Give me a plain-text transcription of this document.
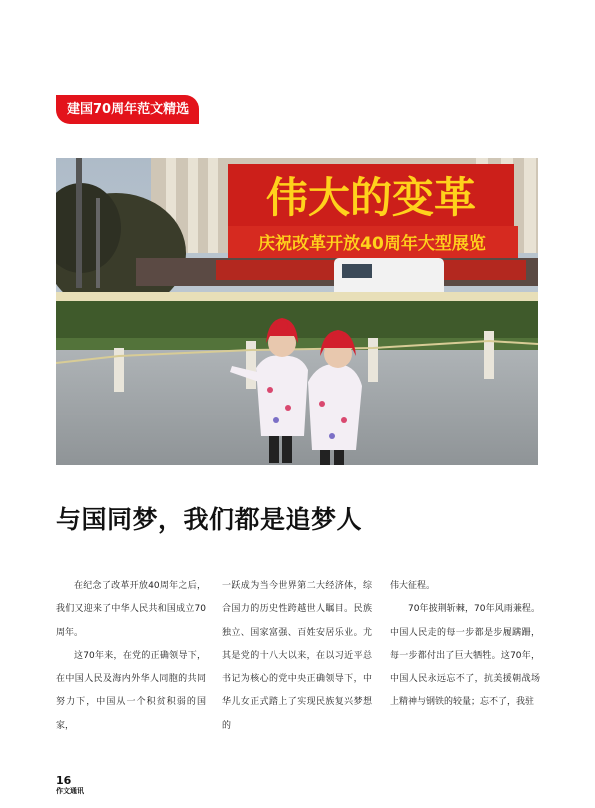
建国70周年范文精选
伟大的变革
庆祝改革开放40周年大型展览
与国同梦，我们都是追梦人

在纪念了改革开放40周年之后，我们又迎来了中华人民共和国成立70周年。

这70年来，在党的正确领导下，在中国人民及海内外华人同胞的共同努力下，中国从一个积贫积弱的国家，

一跃成为当今世界第二大经济体，综合国力的历史性跨越世人瞩目。民族独立、国家富强、百姓安居乐业。尤其是党的十八大以来，在以习近平总书记为核心的党中央正确领导下，中华儿女正式踏上了实现民族复兴梦想的

伟大征程。

70年披荆斩棘，70年风雨兼程。中国人民走的每一步都是步履蹒跚，每一步都付出了巨大牺牲。这70年，中国人民永远忘不了，抗美援朝战场上精神与钢铁的较量；忘不了，我驻

16
作文通讯
